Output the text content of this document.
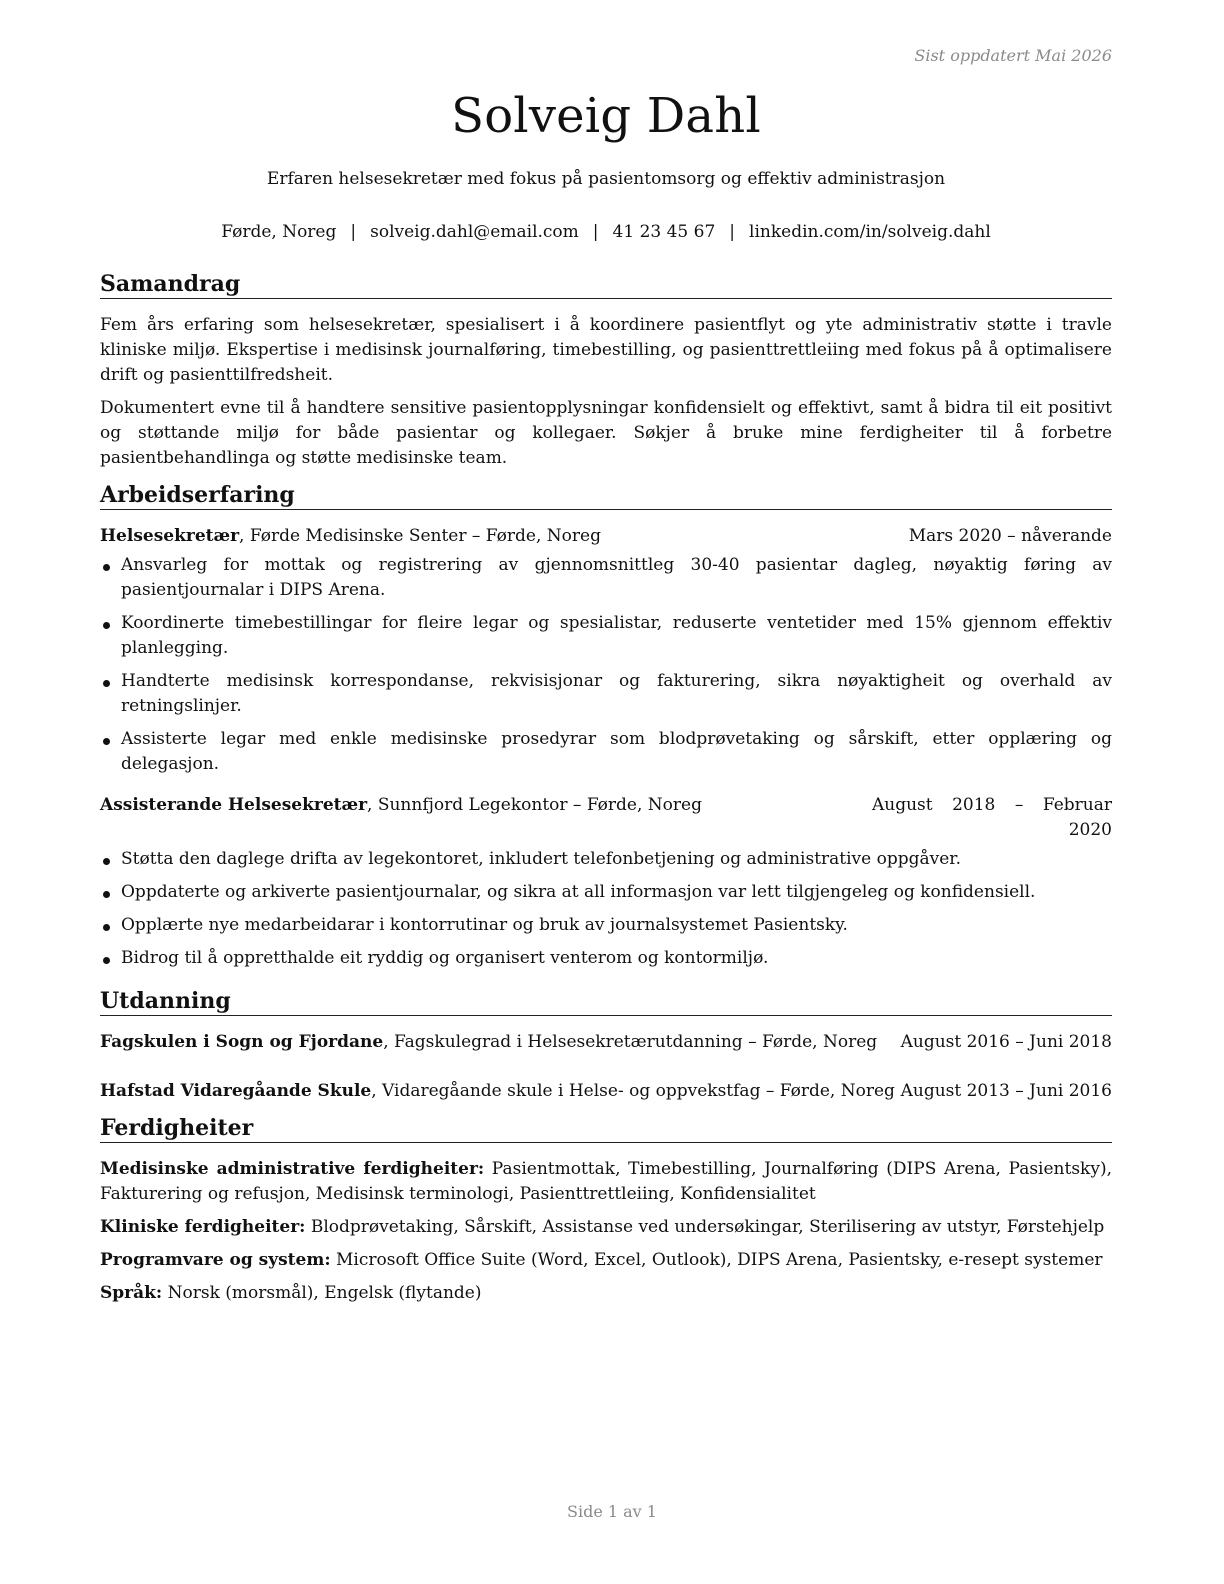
Sist oppdatert Mai 2026
Solveig Dahl
Erfaren helsesekretær med fokus på pasientomsorg og effektiv administrasjon
Førde, Noreg | solveig.dahl@email.com | 41 23 45 67 | linkedin.com/in/solveig.dahl
Samandrag

Fem års erfaring som helsesekretær, spesialisert i å koordinere pasientflyt og yte administrativ støtte i travle kliniske miljø. Ekspertise i medisinsk journalføring, timebestilling, og pasienttrettleiing med fokus på å optimalisere drift og pasienttilfredsheit.

Dokumentert evne til å handtere sensitive pasientopplysningar konfidensielt og effektivt, samt å bidra til eit positivt og støttande miljø for både pasientar og kollegaer. Søkjer å bruke mine ferdigheiter til å forbetre pasientbehandlinga og støtte medisinske team.

Arbeidserfaring
Helsesekretær, Førde Medisinske Senter – Førde, Noreg	Mars 2020 – nåverande
Ansvarleg for mottak og registrering av gjennomsnittleg 30-40 pasientar dagleg, nøyaktig føring av pasientjournalar i DIPS Arena.
Koordinerte timebestillingar for fleire legar og spesialistar, reduserte ventetider med 15% gjennom effektiv planlegging.
Handterte medisinsk korrespondanse, rekvisisjonar og fakturering, sikra nøyaktigheit og overhald av retningslinjer.
Assisterte legar med enkle medisinske prosedyrar som blodprøvetaking og sårskift, etter opplæring og delegasjon.
Assisterande Helsesekretær, Sunnfjord Legekontor – Førde, Noreg	August 2018 – Februar 2020
Støtta den daglege drifta av legekontoret, inkludert telefonbetjening og administrative oppgåver.
Oppdaterte og arkiverte pasientjournalar, og sikra at all informasjon var lett tilgjengeleg og konfidensiell.
Opplærte nye medarbeidarar i kontorrutinar og bruk av journalsystemet Pasientsky.
Bidrog til å oppretthalde eit ryddig og organisert venterom og kontormiljø.
Utdanning
Fagskulen i Sogn og Fjordane, Fagskulegrad i Helsesekretærutdanning – Førde, Noreg August 2016 – Juni 2018
Hafstad Vidaregåande Skule, Vidaregåande skule i Helse- og oppvekstfag – Førde, Noreg August 2013 – Juni 2016
Ferdigheiter
Medisinske administrative ferdigheiter: Pasientmottak, Timebestilling, Journalføring (DIPS Arena, Pasientsky), Fakturering og refusjon, Medisinsk terminologi, Pasienttrettleiing, Konfidensialitet
Kliniske ferdigheiter: Blodprøvetaking, Sårskift, Assistanse ved undersøkingar, Sterilisering av utstyr, Førstehjelp
Programvare og system: Microsoft Office Suite (Word, Excel, Outlook), DIPS Arena, Pasientsky, e-resept systemer
Språk: Norsk (morsmål), Engelsk (flytande)
Side 1 av 1
